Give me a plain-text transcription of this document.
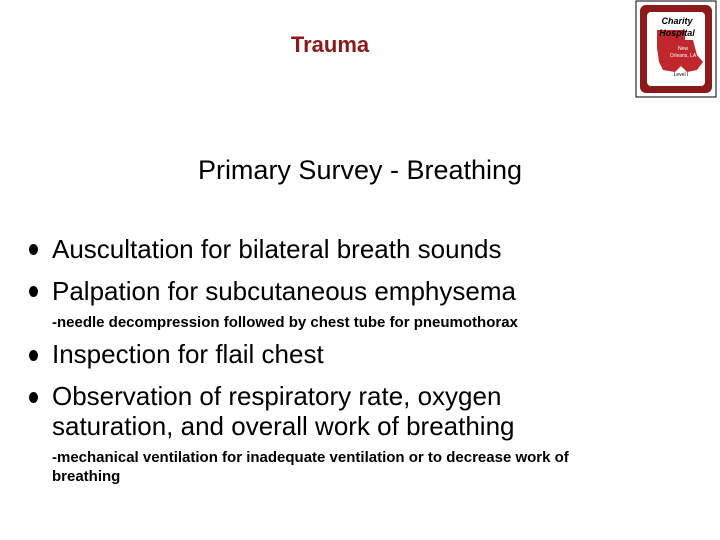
Trauma
Charity
Hospital
New
Orleans, LA
Level I
Primary Survey - Breathing
Auscultation for bilateral breath sounds
Palpation for subcutaneous emphysema
-needle decompression followed by chest tube for pneumothorax
Inspection for flail chest
Observation of respiratory rate, oxygen
saturation, and overall work of breathing
-mechanical ventilation for inadequate ventilation or to decrease work of
breathing
